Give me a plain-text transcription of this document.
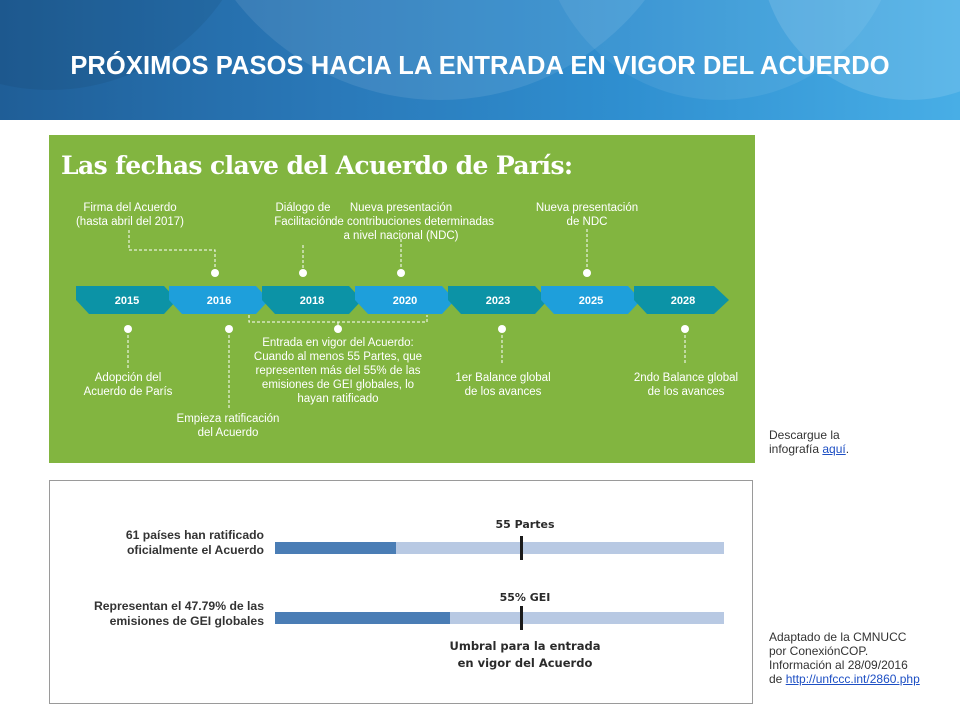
PRÓXIMOS PASOS HACIA LA ENTRADA EN VIGOR DEL ACUERDO
Las fechas clave del Acuerdo de París:
2015	2016	2018	2020	2023	2025	2028
Firma del Acuerdo
(hasta abril del 2017)
Diálogo de
Facilitación
Nueva presentación
de contribuciones determinadas
a nivel nacional (NDC)
Nueva presentación
de NDC
Adopción del
Acuerdo de París
Empieza ratificación
del Acuerdo
Entrada en vigor del Acuerdo:
Cuando al menos 55 Partes, que
representen más del 55% de las
emisiones de GEI globales, lo
hayan ratificado
1er Balance global
de los avances
2ndo Balance global
de los avances
55 Partes
61 países han ratificado
oficialmente el Acuerdo
55% GEI
Representan el 47.79% de las
emisiones de GEI globales
Umbral para la entrada
en vigor del Acuerdo
Descargue la
infografía aquí.
Adaptado de la CMNUCC
por ConexiónCOP.
Información al 28/09/2016
de http://unfccc.int/2860.php
